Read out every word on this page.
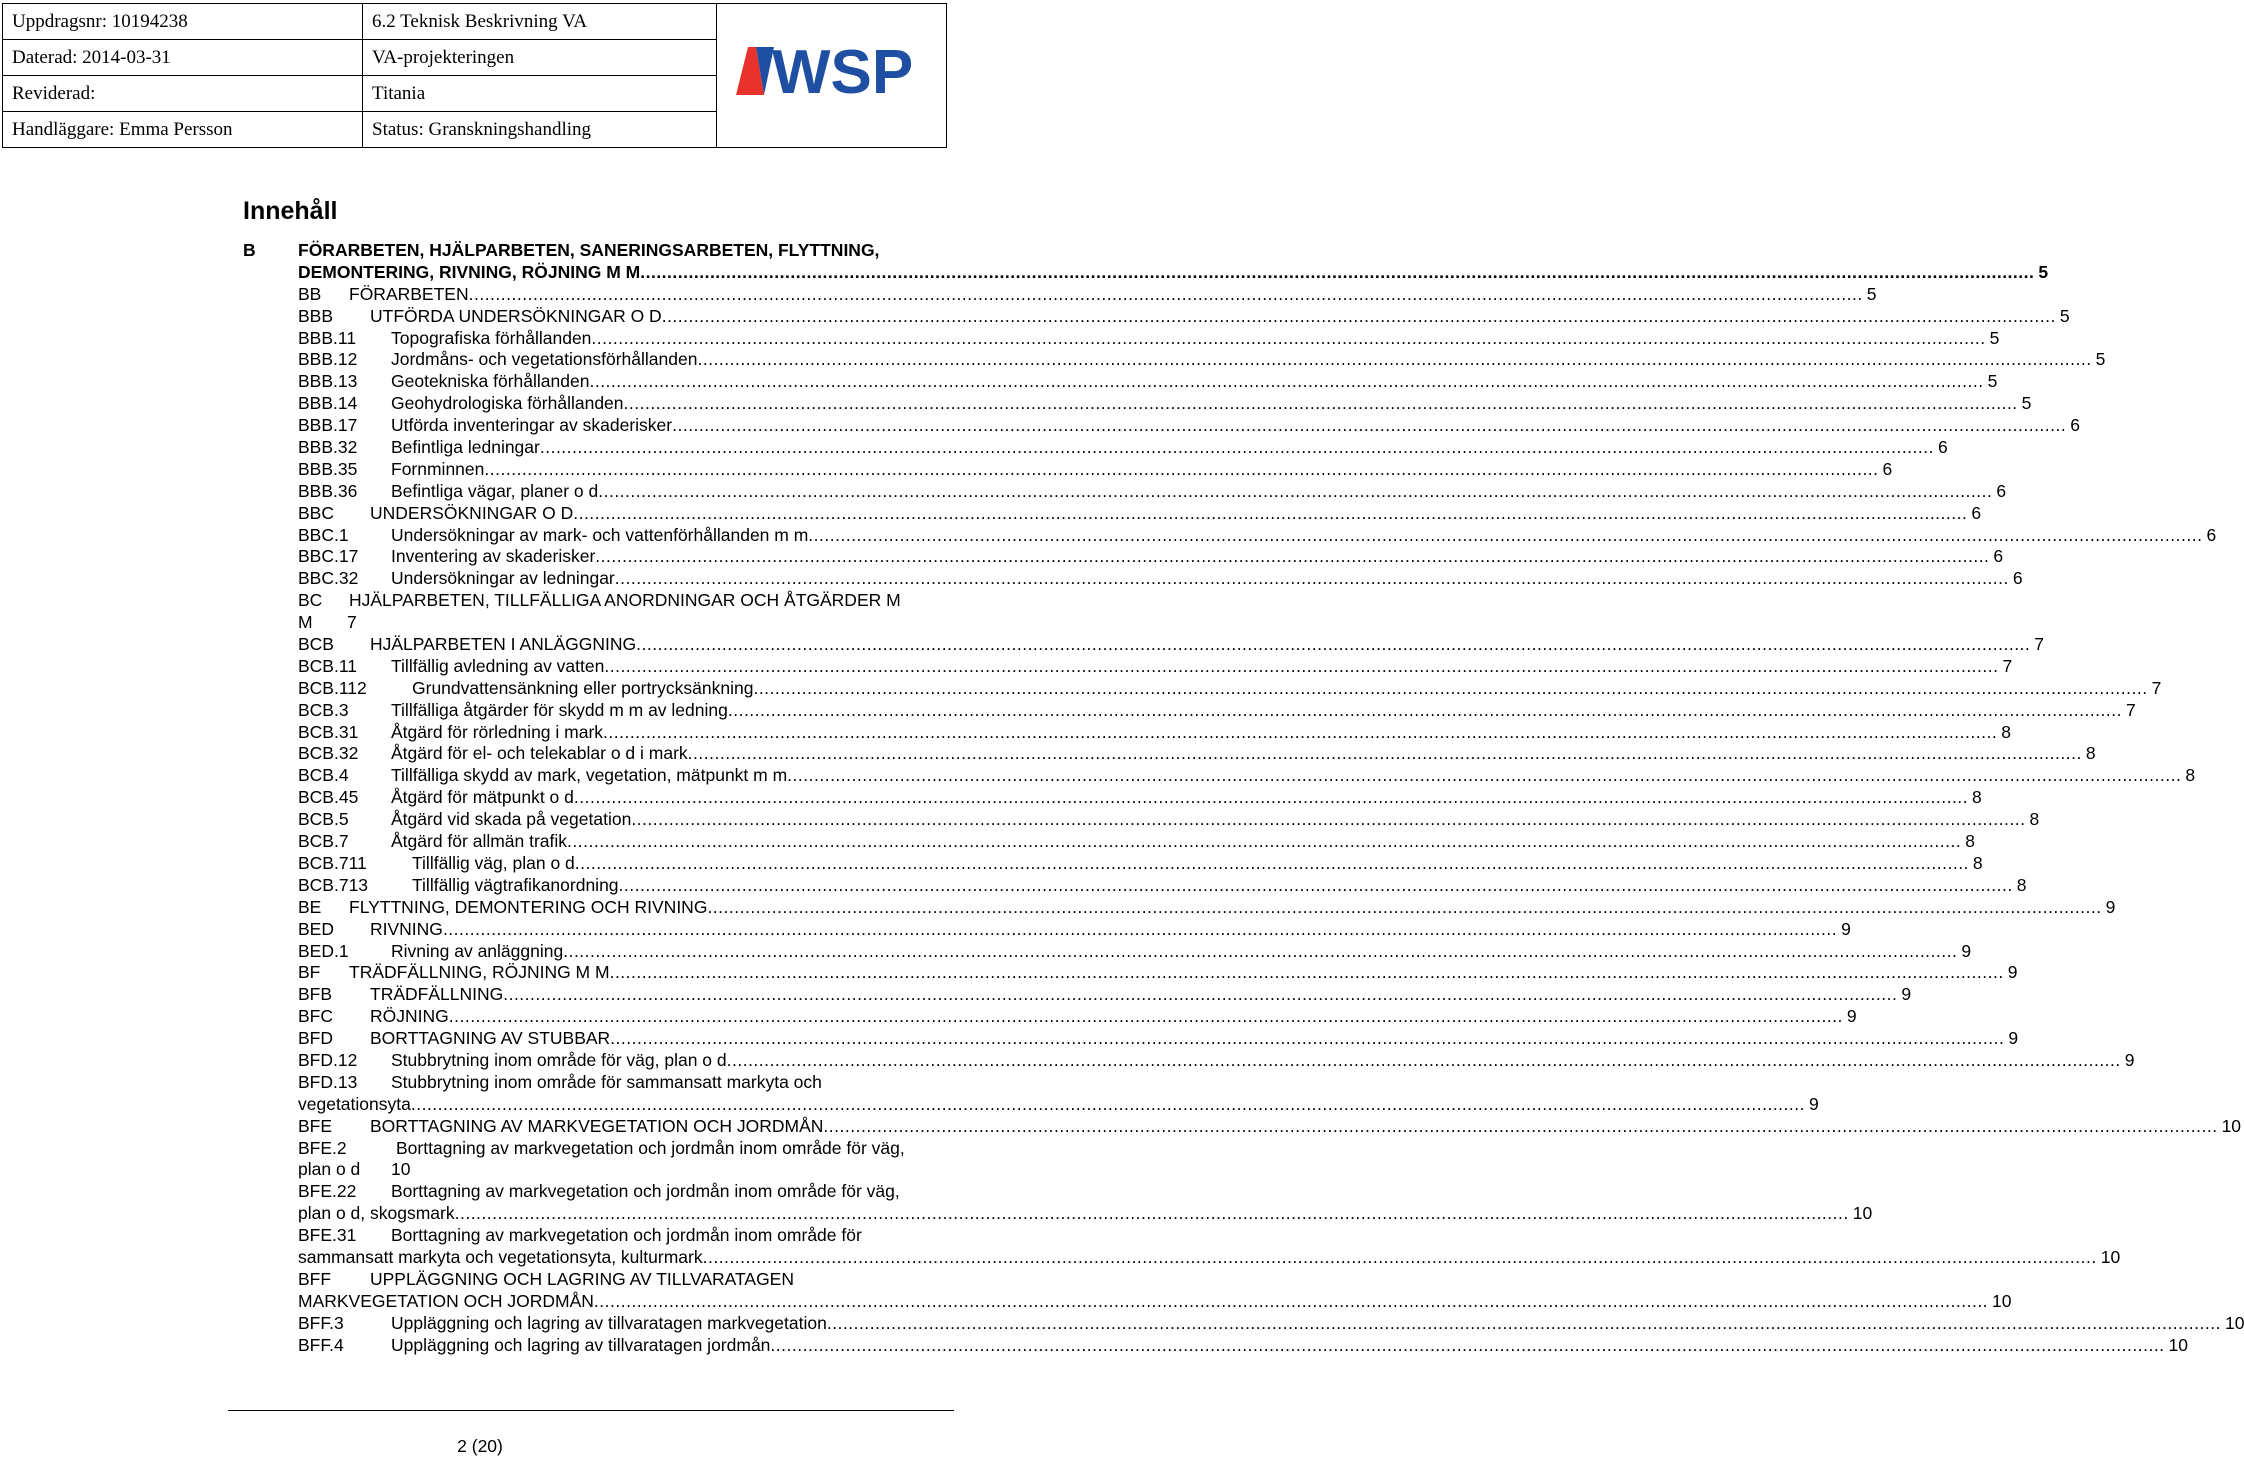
Uppdragsnr: 10194238	6.2 Teknisk Beskrivning VA	WSP

Daterad: 2014-03-31	VA-projekteringen	
Reviderad:	Titania	
Handläggare: Emma Persson	Status: Granskningshandling	
Innehåll
B FÖRARBETEN, HJÄLPARBETEN, SANERINGSARBETEN, FLYTTNING,
DEMONTERING, RIVNING, RÖJNING M M .................................................................................................................................................................................................................................................................... 5
BB FÖRARBETEN .................................................................................................................................................................................................................................................................... 5
BBB UTFÖRDA UNDERSÖKNINGAR O D .................................................................................................................................................................................................................................................................... 5
BBB.11 Topografiska förhållanden .................................................................................................................................................................................................................................................................... 5
BBB.12 Jordmåns- och vegetationsförhållanden .................................................................................................................................................................................................................................................................... 5
BBB.13 Geotekniska förhållanden .................................................................................................................................................................................................................................................................... 5
BBB.14 Geohydrologiska förhållanden .................................................................................................................................................................................................................................................................... 5
BBB.17 Utförda inventeringar av skaderisker .................................................................................................................................................................................................................................................................... 6
BBB.32 Befintliga ledningar .................................................................................................................................................................................................................................................................... 6
BBB.35 Fornminnen .................................................................................................................................................................................................................................................................... 6
BBB.36 Befintliga vägar, planer o d .................................................................................................................................................................................................................................................................... 6
BBC UNDERSÖKNINGAR O D .................................................................................................................................................................................................................................................................... 6
BBC.1 Undersökningar av mark- och vattenförhållanden m m .................................................................................................................................................................................................................................................................... 6
BBC.17 Inventering av skaderisker .................................................................................................................................................................................................................................................................... 6
BBC.32 Undersökningar av ledningar .................................................................................................................................................................................................................................................................... 6
BC HJÄLPARBETEN, TILLFÄLLIGA ANORDNINGAR OCH ÅTGÄRDER M
M 7
BCB HJÄLPARBETEN I ANLÄGGNING .................................................................................................................................................................................................................................................................... 7
BCB.11 Tillfällig avledning av vatten .................................................................................................................................................................................................................................................................... 7
BCB.112	Grundvattensänkning eller portrycksänkning .................................................................................................................................................................................................................................................................... 7
BCB.3 Tillfälliga åtgärder för skydd m m av ledning .................................................................................................................................................................................................................................................................... 7
BCB.31 Åtgärd för rörledning i mark .................................................................................................................................................................................................................................................................... 8
BCB.32 Åtgärd för el- och telekablar o d i mark .................................................................................................................................................................................................................................................................... 8
BCB.4 Tillfälliga skydd av mark, vegetation, mätpunkt m m .................................................................................................................................................................................................................................................................... 8
BCB.45 Åtgärd för mätpunkt o d .................................................................................................................................................................................................................................................................... 8
BCB.5 Åtgärd vid skada på vegetation .................................................................................................................................................................................................................................................................... 8
BCB.7 Åtgärd för allmän trafik .................................................................................................................................................................................................................................................................... 8
BCB.711	Tillfällig väg, plan o d .................................................................................................................................................................................................................................................................... 8
BCB.713	Tillfällig vägtrafikanordning .................................................................................................................................................................................................................................................................... 8
BE FLYTTNING, DEMONTERING OCH RIVNING .................................................................................................................................................................................................................................................................... 9
BED RIVNING .................................................................................................................................................................................................................................................................... 9
BED.1 Rivning av anläggning .................................................................................................................................................................................................................................................................... 9
BF TRÄDFÄLLNING, RÖJNING M M .................................................................................................................................................................................................................................................................... 9
BFB TRÄDFÄLLNING .................................................................................................................................................................................................................................................................... 9
BFC RÖJNING .................................................................................................................................................................................................................................................................... 9
BFD BORTTAGNING AV STUBBAR .................................................................................................................................................................................................................................................................... 9
BFD.12 Stubbrytning inom område för väg, plan o d .................................................................................................................................................................................................................................................................... 9
BFD.13 Stubbrytning inom område för sammansatt markyta och
vegetationsyta .................................................................................................................................................................................................................................................................... 9
BFE BORTTAGNING AV MARKVEGETATION OCH JORDMÅN .................................................................................................................................................................................................................................................................... 10
BFE.2	Borttagning av markvegetation och jordmån inom område för väg,
plan o d 10
BFE.22 Borttagning av markvegetation och jordmån inom område för väg,
plan o d, skogsmark .................................................................................................................................................................................................................................................................... 10
BFE.31 Borttagning av markvegetation och jordmån inom område för
sammansatt markyta och vegetationsyta, kulturmark .................................................................................................................................................................................................................................................................... 10
BFF UPPLÄGGNING OCH LAGRING AV TILLVARATAGEN
MARKVEGETATION OCH JORDMÅN .................................................................................................................................................................................................................................................................... 10
BFF.3	Uppläggning och lagring av tillvaratagen markvegetation .................................................................................................................................................................................................................................................................... 10
BFF.4	Uppläggning och lagring av tillvaratagen jordmån .................................................................................................................................................................................................................................................................... 10
2 (20)
